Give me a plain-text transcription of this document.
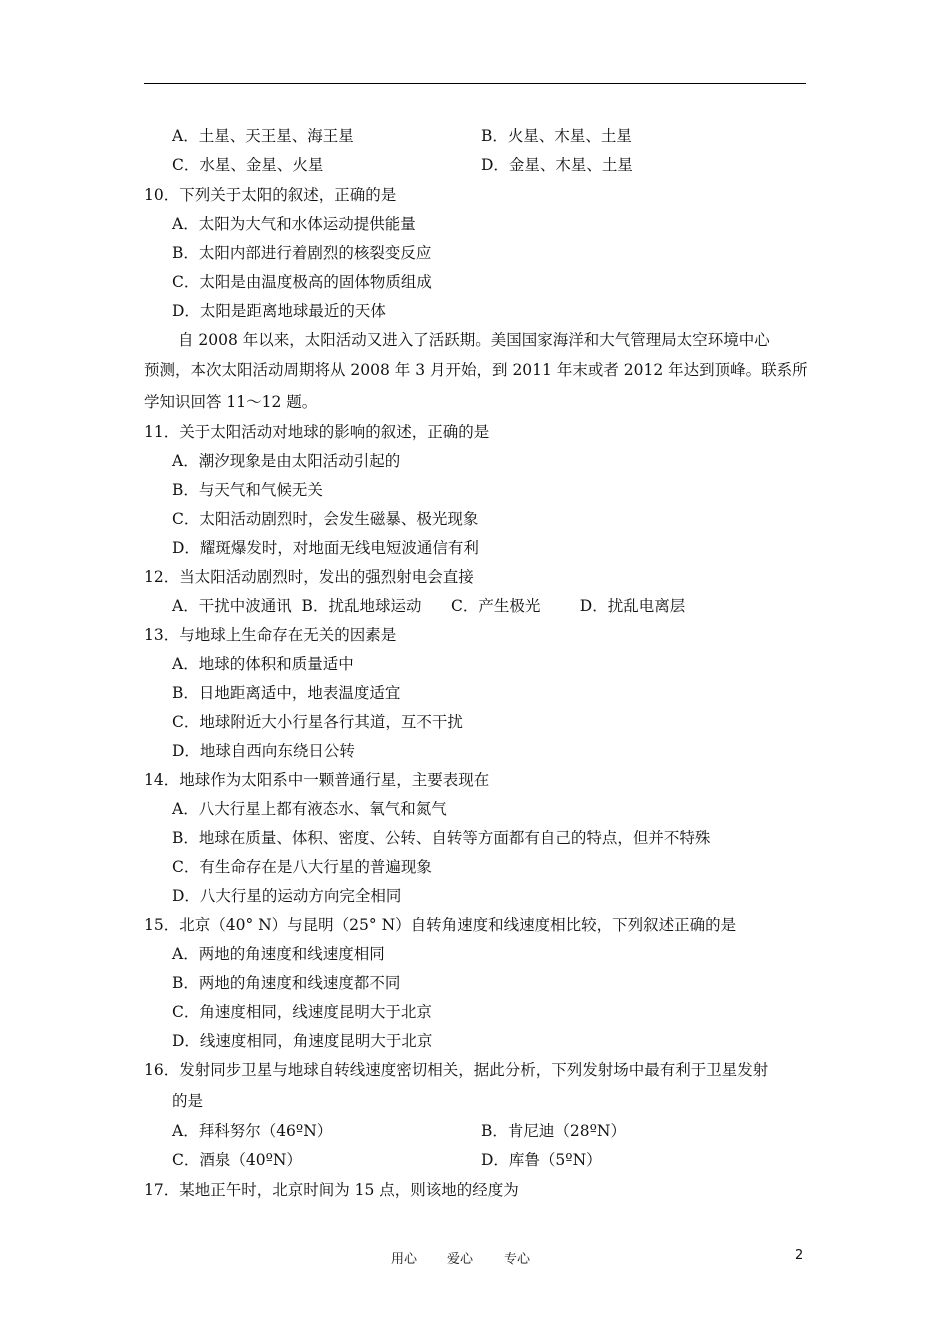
A．土星、天王星、海王星	B．火星、木星、土星
C．水星、金星、火星	D．金星、木星、土星
10．下列关于太阳的叙述，正确的是
A．太阳为大气和水体运动提供能量
B．太阳内部进行着剧烈的核裂变反应
C．太阳是由温度极高的固体物质组成
D．太阳是距离地球最近的天体
自 2008 年以来，太阳活动又进入了活跃期。美国国家海洋和大气管理局太空环境中心
预测，本次太阳活动周期将从 2008 年 3 月开始，到 2011 年末或者 2012 年达到顶峰。联系所
学知识回答 11～12 题。
11．关于太阳活动对地球的影响的叙述，正确的是
A．潮汐现象是由太阳活动引起的
B．与天气和气候无关
C．太阳活动剧烈时，会发生磁暴、极光现象
D．耀斑爆发时，对地面无线电短波通信有利
12．当太阳活动剧烈时，发出的强烈射电会直接
A．干扰中波通讯  B．扰乱地球运动      C．产生极光        D．扰乱电离层
13．与地球上生命存在无关的因素是
A．地球的体积和质量适中
B．日地距离适中，地表温度适宜
C．地球附近大小行星各行其道，互不干扰
D．地球自西向东绕日公转
14．地球作为太阳系中一颗普通行星，主要表现在
A．八大行星上都有液态水、氧气和氮气
B．地球在质量、体积、密度、公转、自转等方面都有自己的特点，但并不特殊
C．有生命存在是八大行星的普遍现象
D．八大行星的运动方向完全相同
15．北京（40° N）与昆明（25° N）自转角速度和线速度相比较，下列叙述正确的是
A．两地的角速度和线速度相同
B．两地的角速度和线速度都不同
C．角速度相同，线速度昆明大于北京
D．线速度相同，角速度昆明大于北京
16．发射同步卫星与地球自转线速度密切相关，据此分析，下列发射场中最有利于卫星发射
的是
A．拜科努尔（46ºN）	B．肯尼迪（28ºN）
C．酒泉（40ºN）	D．库鲁（5ºN）
17．某地正午时，北京时间为 15 点，则该地的经度为
用心 爱心 专心	2
